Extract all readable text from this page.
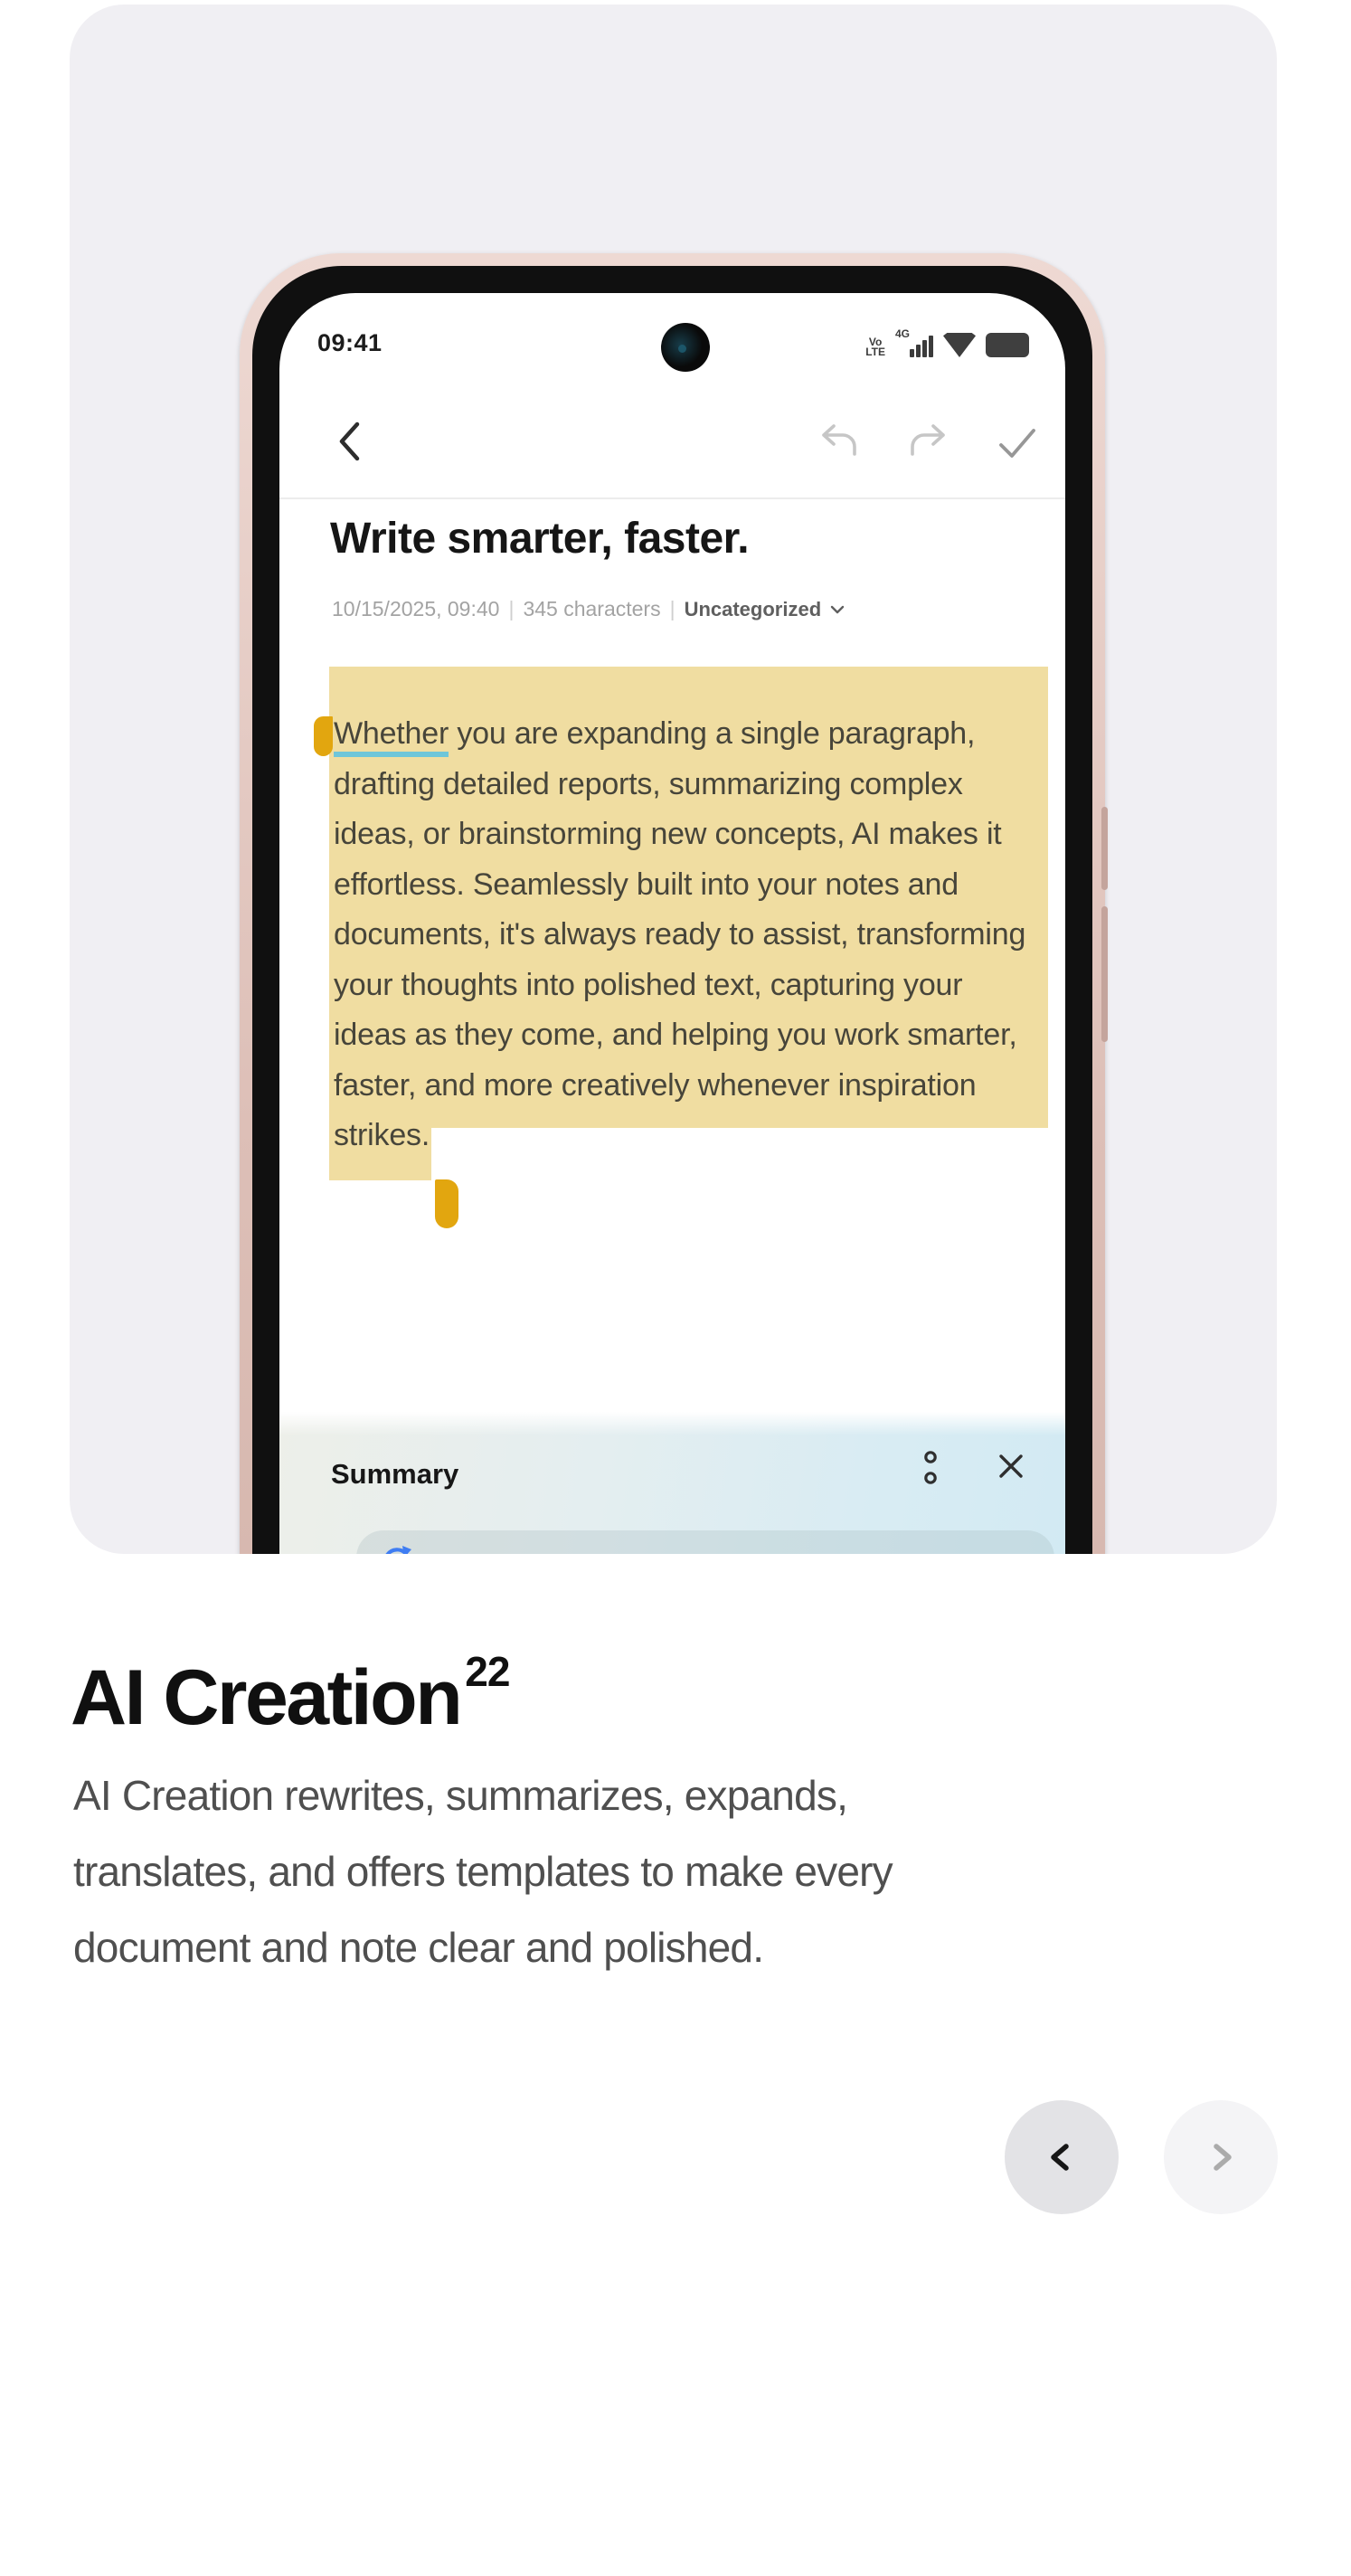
09:41	Vo
LTE
4G
Write smarter, faster.
10/15/2025, 09:40 | 345 characters | Uncategorized
Whether you are expanding a single paragraph,
drafting detailed reports, summarizing complex
ideas, or brainstorming new concepts, AI makes it
effortless. Seamlessly built into your notes and
documents, it's always ready to assist, transforming
your thoughts into polished text, capturing your
ideas as they come, and helping you work smarter,
faster, and more creatively whenever inspiration
strikes.
Summary
AI Creation $^{22}$
AI Creation rewrites, summarizes, expands,
translates, and offers templates to make every
document and note clear and polished.
